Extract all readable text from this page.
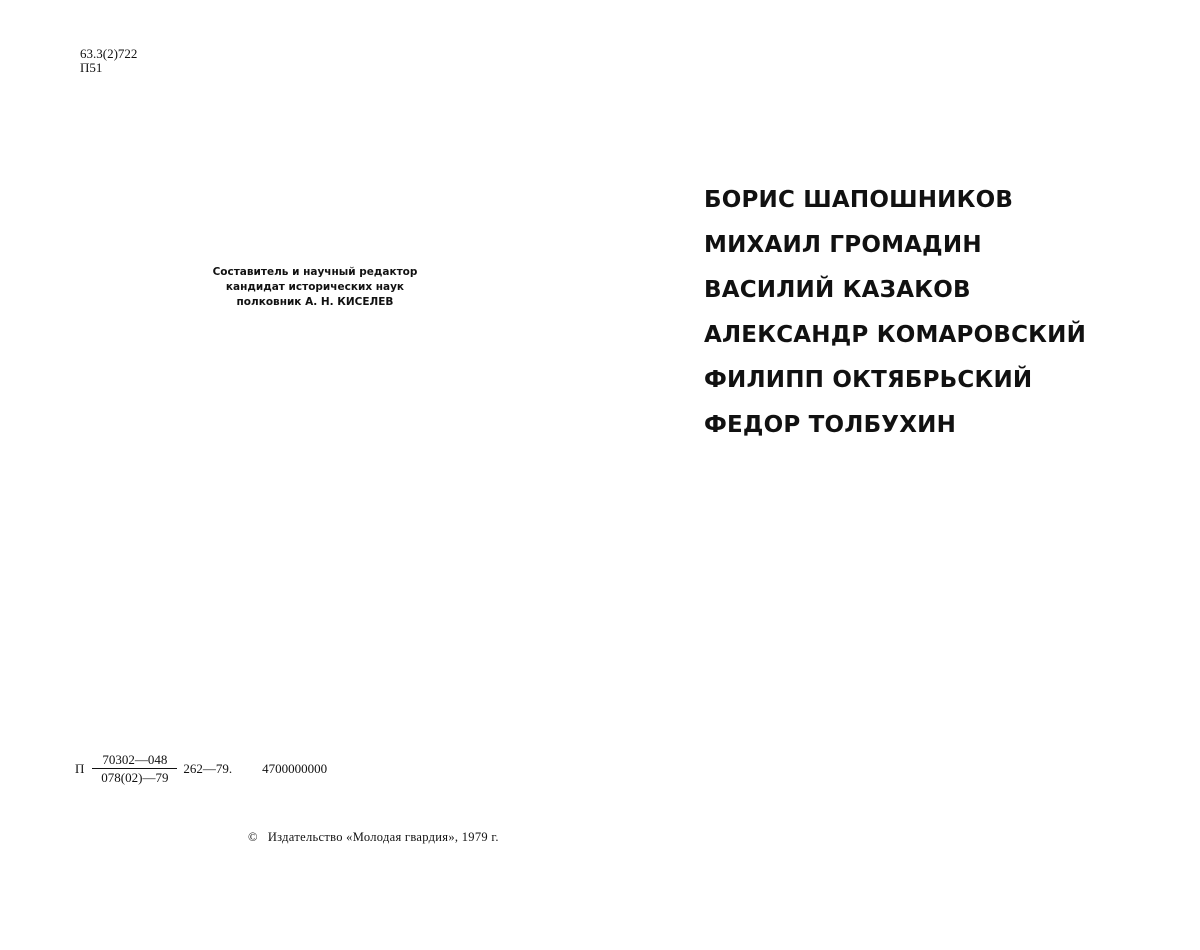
63.3(2)722
П51
Составитель и научный редактор
кандидат исторических наук
полковник А. Н. КИСЕЛЕВ
БОРИС ШАПОШНИКОВ
МИХАИЛ ГРОМАДИН
ВАСИЛИЙ КАЗАКОВ
АЛЕКСАНДР КОМАРОВСКИЙ
ФИЛИПП ОКТЯБРЬСКИЙ
ФЕДОР ТОЛБУХИН
П $\frac{70302—048}{078(02)—79}$ 262—79. 4700000000
© Издательство «Молодая гвардия», 1979 г.
